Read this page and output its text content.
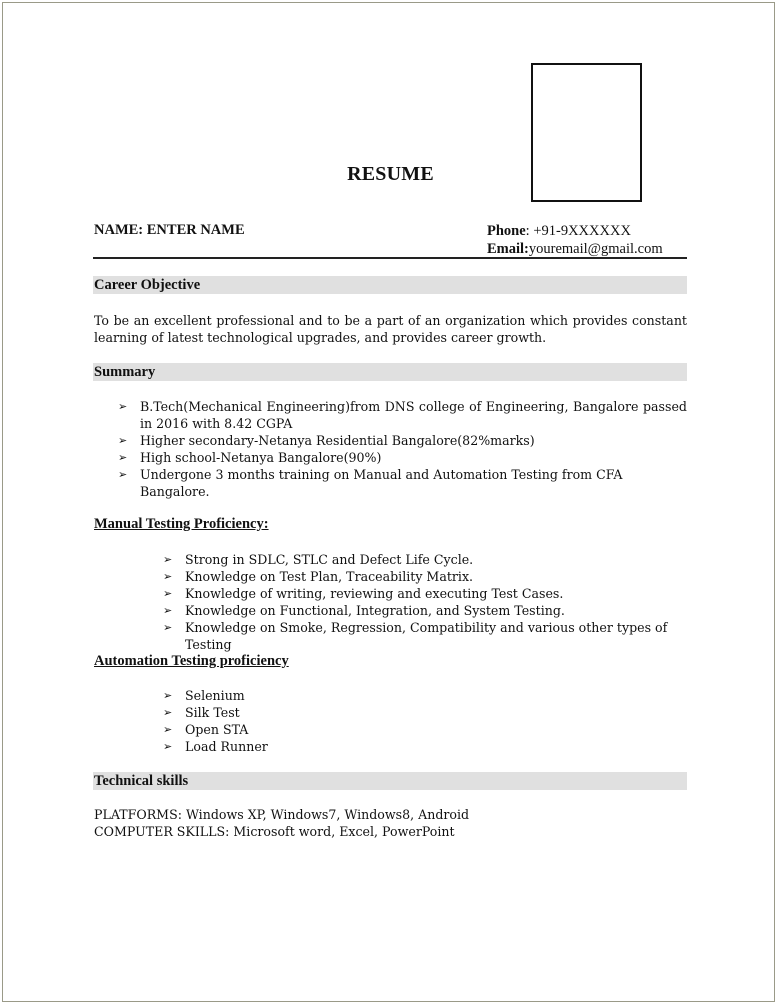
RESUME
NAME: ENTER NAME	Phone: +91-9XXXXXX
Email:youremail@gmail.com
Career Objective
To be an excellent professional and to be a part of an organization which provides constant learning of latest technological upgrades, and provides career growth.
Summary
➢ B.Tech(Mechanical Engineering)from DNS college of Engineering, Bangalore passed in 2016 with 8.42 CGPA
➢ Higher secondary-Netanya Residential Bangalore(82%marks)
➢ High school-Netanya Bangalore(90%)
➢ Undergone 3 months training on Manual and Automation Testing from CFA Bangalore.
Manual Testing Proficiency:
➢ Strong in SDLC, STLC and Defect Life Cycle.
➢ Knowledge on Test Plan, Traceability Matrix.
➢ Knowledge of writing, reviewing and executing Test Cases.
➢ Knowledge on Functional, Integration, and System Testing.
➢ Knowledge on Smoke, Regression, Compatibility and various other types of Testing
Automation Testing proficiency
➢ Selenium
➢ Silk Test
➢ Open STA
➢ Load Runner
Technical skills
PLATFORMS: Windows XP, Windows7, Windows8, Android
COMPUTER SKILLS: Microsoft word, Excel, PowerPoint
